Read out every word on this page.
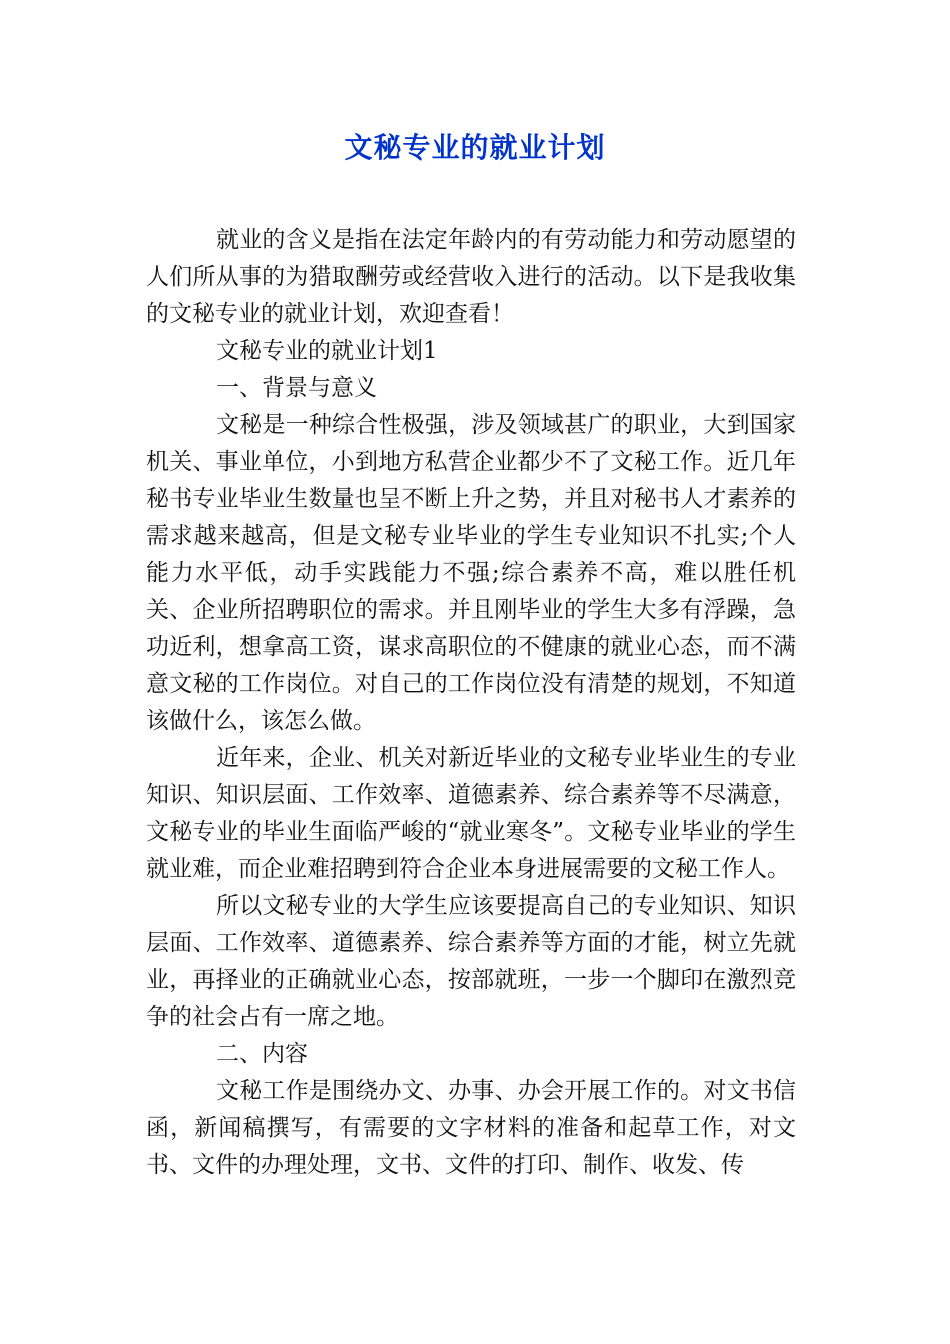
文秘专业的就业计划

就业的含义是指在法定年龄内的有劳动能力和劳动愿望的人们所从事的为猎取酬劳或经营收入进行的活动。以下是我收集的文秘专业的就业计划，欢迎查看！

文秘专业的就业计划1

一、背景与意义

文秘是一种综合性极强，涉及领域甚广的职业，大到国家机关、事业单位，小到地方私营企业都少不了文秘工作。近几年秘书专业毕业生数量也呈不断上升之势，并且对秘书人才素养的需求越来越高，但是文秘专业毕业的学生专业知识不扎实;个人能力水平低，动手实践能力不强;综合素养不高，难以胜任机关、企业所招聘职位的需求。并且刚毕业的学生大多有浮躁，急功近利，想拿高工资，谋求高职位的不健康的就业心态，而不满意文秘的工作岗位。对自己的工作岗位没有清楚的规划，不知道该做什么，该怎么做。

近年来，企业、机关对新近毕业的文秘专业毕业生的专业知识、知识层面、工作效率、道德素养、综合素养等不尽满意，文秘专业的毕业生面临严峻的“就业寒冬”。文秘专业毕业的学生就业难，而企业难招聘到符合企业本身进展需要的文秘工作人。

所以文秘专业的大学生应该要提高自己的专业知识、知识层面、工作效率、道德素养、综合素养等方面的才能，树立先就业，再择业的正确就业心态，按部就班，一步一个脚印在激烈竞争的社会占有一席之地。

二、内容

文秘工作是围绕办文、办事、办会开展工作的。对文书信函，新闻稿撰写，有需要的文字材料的准备和起草工作，对文书、文件的办理处理，文书、文件的打印、制作、收发、传
